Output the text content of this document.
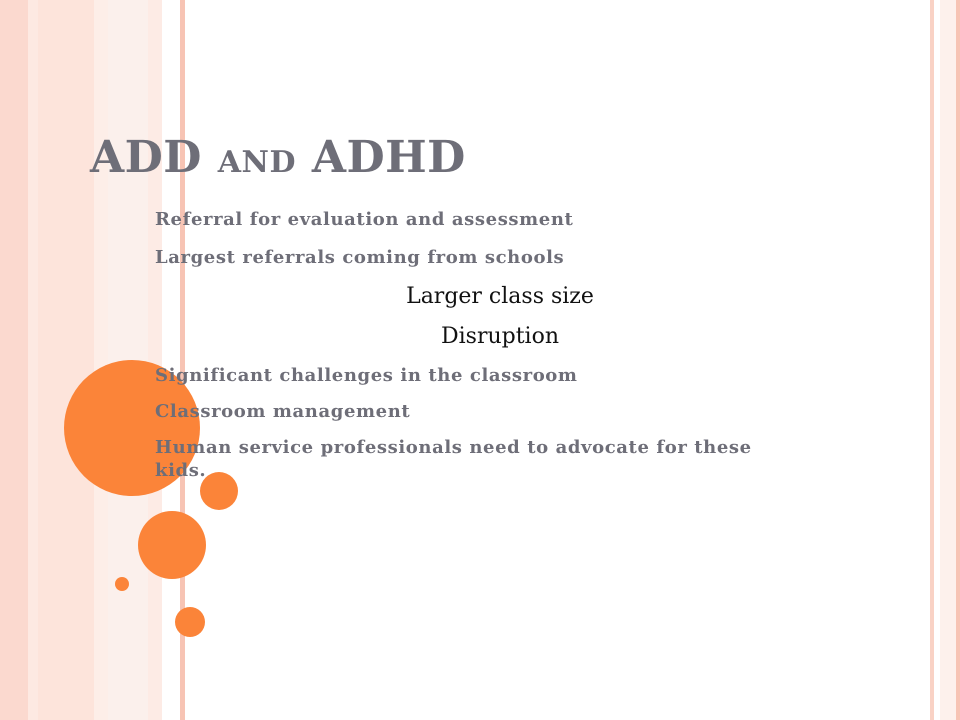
ADD AND ADHD
Referral for evaluation and assessment
Largest referrals coming from schools
Larger class size
Disruption
Significant challenges in the classroom
Classroom management
Human service professionals need to advocate for these kids.
